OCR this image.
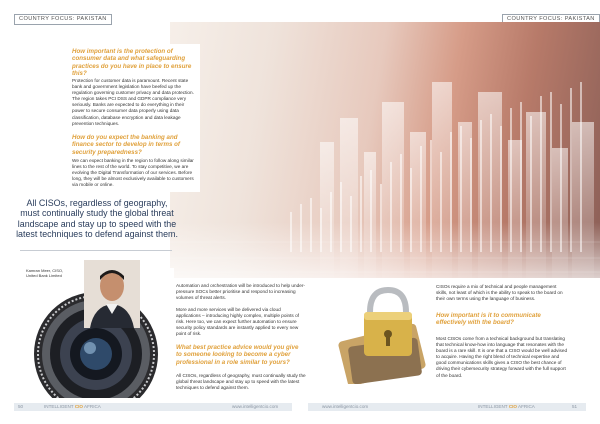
COUNTRY FOCUS: PAKISTAN	COUNTRY FOCUS: PAKISTAN
How important is the protection of consumer data and what safeguarding practices do you have in place to ensure this?
Protection for customer data is paramount. Recent state bank and government legislation have beefed up the regulation governing customer privacy and data protection. The region takes PCI DSS and GDPR compliance very seriously. Banks are expected to do everything in their power to secure consumer data properly using data classification, database encryption and data leakage prevention techniques.
How do you expect the banking and finance sector to develop in terms of security preparedness?
We can expect banking in the region to follow along similar lines to the rest of the world. To stay competitive, we are evolving the Digital Transformation of our services. Before long, they will be almost exclusively available to customers via mobile or online.
All CISOs, regardless of geography, must continually study the global threat landscape and stay up to speed with the latest techniques to defend against them.
Kamran Meer, CISO,
United Bank Limited
Automation and orchestration will be introduced to help under-pressure SOCs better prioritise and respond to increasing volumes of threat alerts.
More and more services will be delivered via cloud applications – introducing highly complex, multiple points of risk. Here too, we can expect further automation to ensure security policy standards are instantly applied to every new point of risk.
What best practice advice would you give to someone looking to become a cyber professional in a role similar to yours?
All CISOs, regardless of geography, must continually study the global threat landscape and stay up to speed with the latest techniques to defend against them.
CISOs require a mix of technical and people management skills, not least of which is the ability to speak to the board on their own terms using the language of business.
How important is it to communicate effectively with the board?
Most CISOs come from a technical background but translating that technical know-how into language that resonates with the board is a rare skill. It is one that a CISO would be well advised to acquire. Having the right blend of technical expertise and good communications skills gives a CISO the best chance of driving their cybersecurity strategy forward with the full support of the board.
50	INTELLIGENT CIO AFRICA	www.intelligentcio.com	www.intelligentcio.com	INTELLIGENT CIO AFRICA	51
